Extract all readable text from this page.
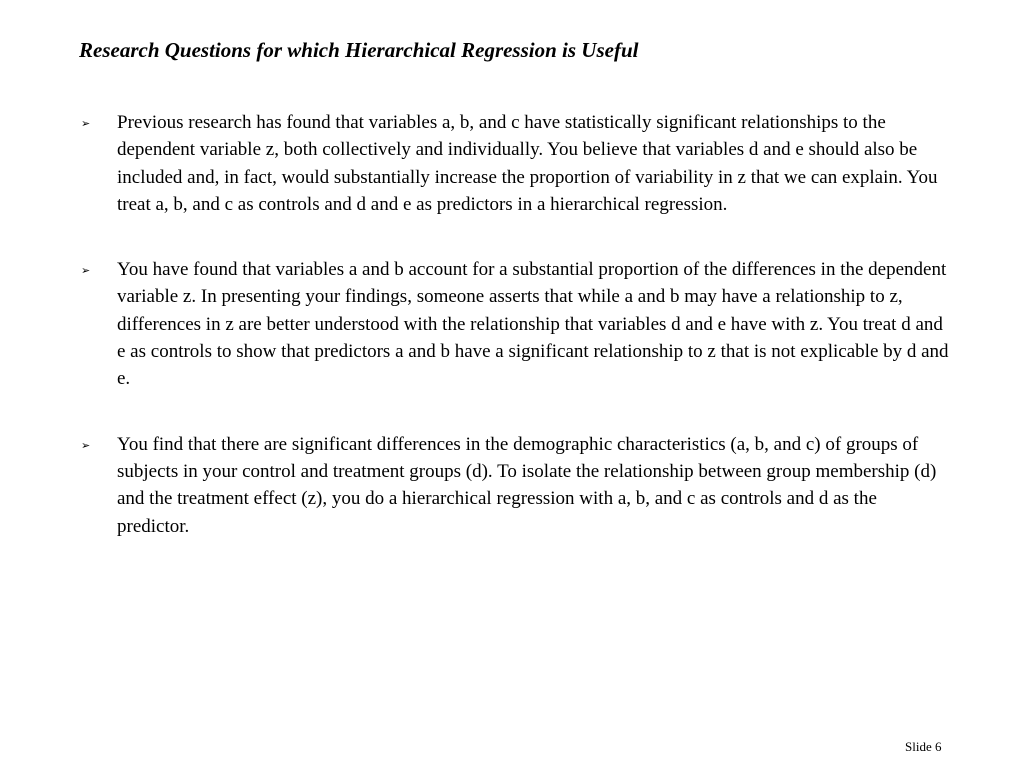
Research Questions for which Hierarchical Regression is Useful
➢ Previous research has found that variables a, b, and c have statistically significant relationships to the dependent variable z, both collectively and individually. You believe that variables d and e should also be included and, in fact, would substantially increase the proportion of variability in z that we can explain. You treat a, b, and c as controls and d and e as predictors in a hierarchical regression.
➢ You have found that variables a and b account for a substantial proportion of the differences in the dependent variable z. In presenting your findings, someone asserts that while a and b may have a relationship to z, differences in z are better understood with the relationship that variables d and e have with z. You treat d and e as controls to show that predictors a and b have a significant relationship to z that is not explicable by d and e.
➢ You find that there are significant differences in the demographic characteristics (a, b, and c) of groups of subjects in your control and treatment groups (d). To isolate the relationship between group membership (d) and the treatment effect (z), you do a hierarchical regression with a, b, and c as controls and d as the predictor.
Slide 6
